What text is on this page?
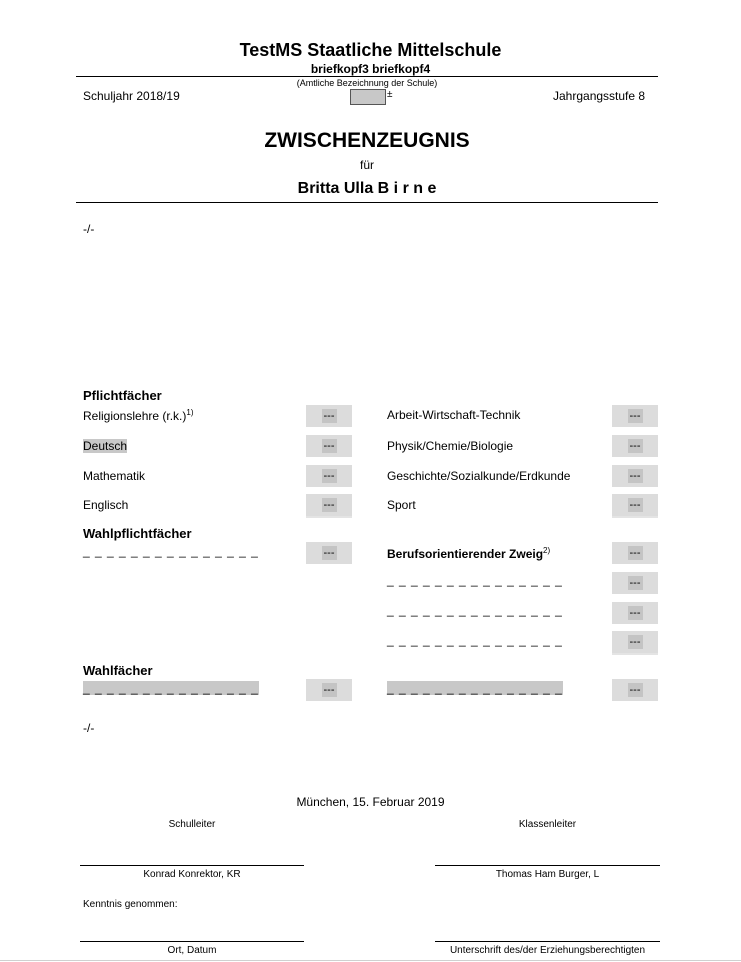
TestMS Staatliche Mittelschule
briefkopf3 briefkopf4
(Amtliche Bezeichnung der Schule)
Schuljahr 2018/19	±	Jahrgangsstufe 8
ZWISCHENZEUGNIS
für
Britta Ulla B i r n e
-/-
Pflichtfächer
Religionslehre $(r.k.)^{1)}$	---
Deutsch	---
Mathematik	---
Englisch	---
Arbeit-Wirtschaft-Technik	---
Physik/Chemie/Biologie	---
Geschichte/Sozialkunde/Erdkunde	---
Sport	---
Wahlpflichtfächer
_ _ _ _ _ _ _ _ _ _ _ _ _ _ _	---	Berufsorientierender Zweig$^{2)}$	---
_ _ _ _ _ _ _ _ _ _ _ _ _ _ _	---
_ _ _ _ _ _ _ _ _ _ _ _ _ _ _	---
_ _ _ _ _ _ _ _ _ _ _ _ _ _ _	---
Wahlfächer
_ _ _ _ _ _ _ _ _ _ _ _ _ _ _	---	_ _ _ _ _ _ _ _ _ _ _ _ _ _ _	---
-/-
München, 15. Februar 2019
Schulleiter	Klassenleiter
Konrad Konrektor, KR	Thomas Ham Burger, L
Kenntnis genommen:
Ort, Datum	Unterschrift des/der Erziehungsberechtigten
